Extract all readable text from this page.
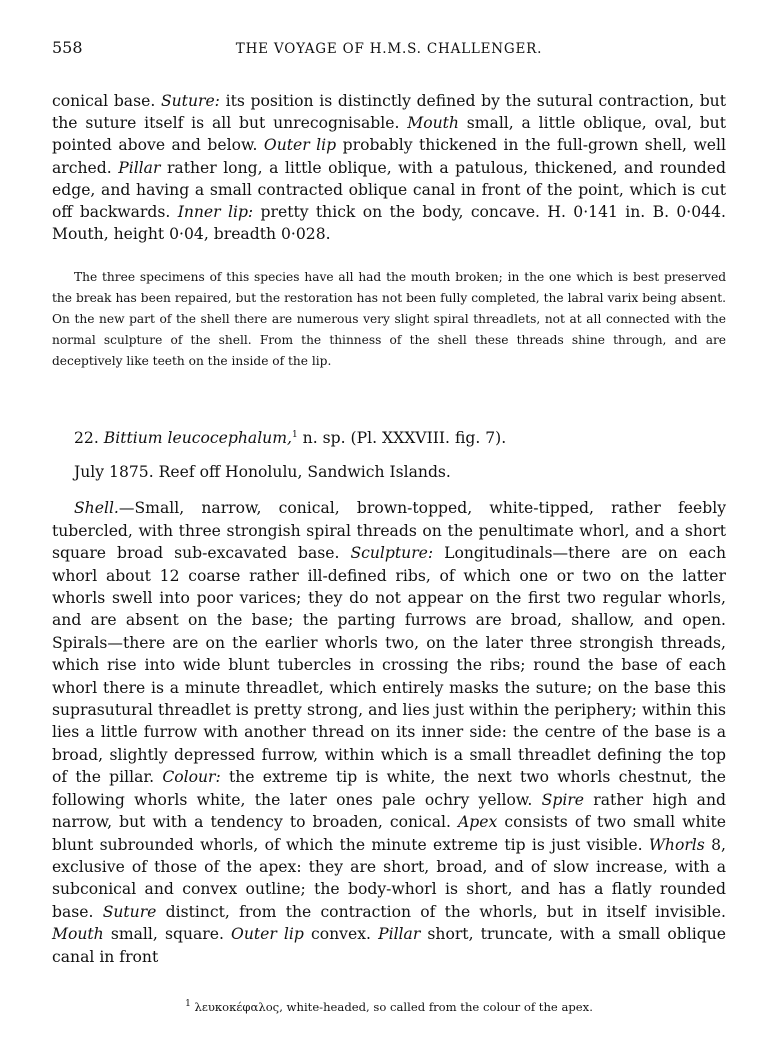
558	THE VOYAGE OF H.M.S. CHALLENGER.

conical base. Suture: its position is distinctly defined by the sutural contraction, but the suture itself is all but unrecognisable. Mouth small, a little oblique, oval, but pointed above and below. Outer lip probably thickened in the full-grown shell, well arched. Pillar rather long, a little oblique, with a patulous, thickened, and rounded edge, and having a small contracted oblique canal in front of the point, which is cut off backwards. Inner lip: pretty thick on the body, concave. H. 0·141 in. B. 0·044. Mouth, height 0·04, breadth 0·028.

The three specimens of this species have all had the mouth broken; in the one which is best preserved the break has been repaired, but the restoration has not been fully completed, the labral varix being absent. On the new part of the shell there are numerous very slight spiral threadlets, not at all connected with the normal sculpture of the shell. From the thinness of the shell these threads shine through, and are deceptively like teeth on the inside of the lip.

22. Bittium leucocephalum,$^1$ n. sp. (Pl. XXXVIII. fig. 7).

July 1875. Reef off Honolulu, Sandwich Islands.

Shell.—Small, narrow, conical, brown-topped, white-tipped, rather feebly tubercled, with three strongish spiral threads on the penultimate whorl, and a short square broad sub-excavated base. Sculpture: Longitudinals—there are on each whorl about 12 coarse rather ill-defined ribs, of which one or two on the latter whorls swell into poor varices; they do not appear on the first two regular whorls, and are absent on the base; the parting furrows are broad, shallow, and open. Spirals—there are on the earlier whorls two, on the later three strongish threads, which rise into wide blunt tubercles in crossing the ribs; round the base of each whorl there is a minute threadlet, which entirely masks the suture; on the base this suprasutural threadlet is pretty strong, and lies just within the periphery; within this lies a little furrow with another thread on its inner side: the centre of the base is a broad, slightly depressed furrow, within which is a small threadlet defining the top of the pillar. Colour: the extreme tip is white, the next two whorls chestnut, the following whorls white, the later ones pale ochry yellow. Spire rather high and narrow, but with a tendency to broaden, conical. Apex consists of two small white blunt subrounded whorls, of which the minute extreme tip is just visible. Whorls 8, exclusive of those of the apex: they are short, broad, and of slow increase, with a subconical and convex outline; the body-whorl is short, and has a flatly rounded base. Suture distinct, from the contraction of the whorls, but in itself invisible. Mouth small, square. Outer lip convex. Pillar short, truncate, with a small oblique canal in front

$^1$ λευκοκέφαλος, white-headed, so called from the colour of the apex.
